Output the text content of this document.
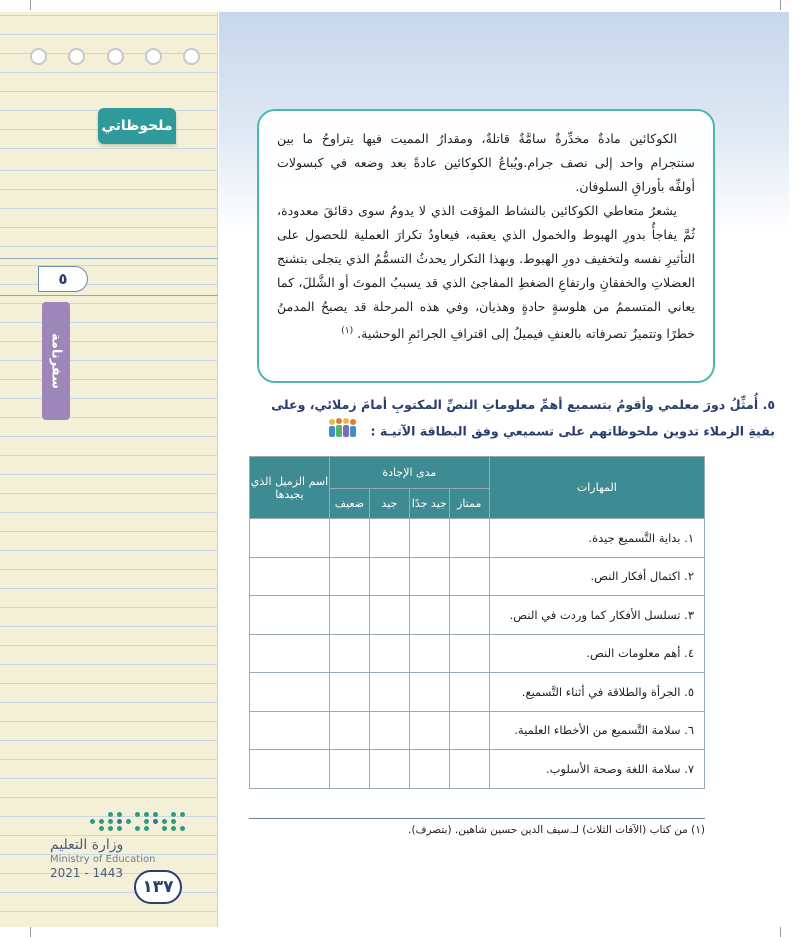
ملحوظاتي
٥
سفرنامة
وزارة التعليم
Ministry of Education
2021 - 1443
١٣٧

الكوكائين مادةٌ مخدِّرةٌ سامَّةٌ قاتلةٌ، ومقدارُ المميت فيها يتراوحُ ما بين سنتجرام واحد إلى نصف جرام.ويُباعُ الكوكائين عادةً بعد وضعه في كبسولات أولفِّه بأوراقِ السلوفان.

يشعرُ متعاطي الكوكائين بالنشاط المؤقت الذي لا يدومُ سوى دقائقَ معدودة، ثُمَّ يفاجأُ بدورِ الهبوط والخمول الذي يعقبه، فيعاودُ تكرارَ العملية للحصول على التأثيرِ نفسه ولتخفيف دورِ الهبوط. وبهذا التكرار يحدثُ التسمُّمُ الذي يتجلى بتشنج العضلاتِ والخفقانِ وارتفاعِ الضغطِ المفاجئ الذي قد يسببُ الموتَ أو الشَّللَ، كما يعاني المتسممُ من هلوسةٍ حادةٍ وهذيان، وفي هذه المرحلة قد يصبحُ المدمنُ خطرًا وتتميزُ تصرفاته بالعنفِ فيميلُ إلى اقترافِ الجرائمِ الوحشية. $^{(١)}$

٥. أُمثِّلُ دورَ معلمي وأقومُ بتسميع أهمِّ معلوماتِ النصِّ المكتوبِ أمامَ زملائي، وعلى بقيةِ الزملاء تدوين ملحوظاتهم على تسميعي وفق البطاقة الآتيـة :
المهارات	مدى الإجادة				اسم الزميل الذي يجيدها
	ممتاز	جيد جدًا	جيد	ضعيف	
١. بداية التَّسميع جيدة.					
٢. اكتمال أفكار النص.					
٣. تسلسل الأفكار كما وردت في النص.					
٤. أهم معلومات النص.					
٥. الجرأة والطلاقة في أثناء التَّسميع.					
٦. سلامة التَّسميع من الأخطاء العلمية.					
٧. سلامة اللغة وصحة الأسلوب.					
(١) من كتاب (الآفات الثلاث) لـ.سيف الدين حسين شاهين. (بتصرف).
